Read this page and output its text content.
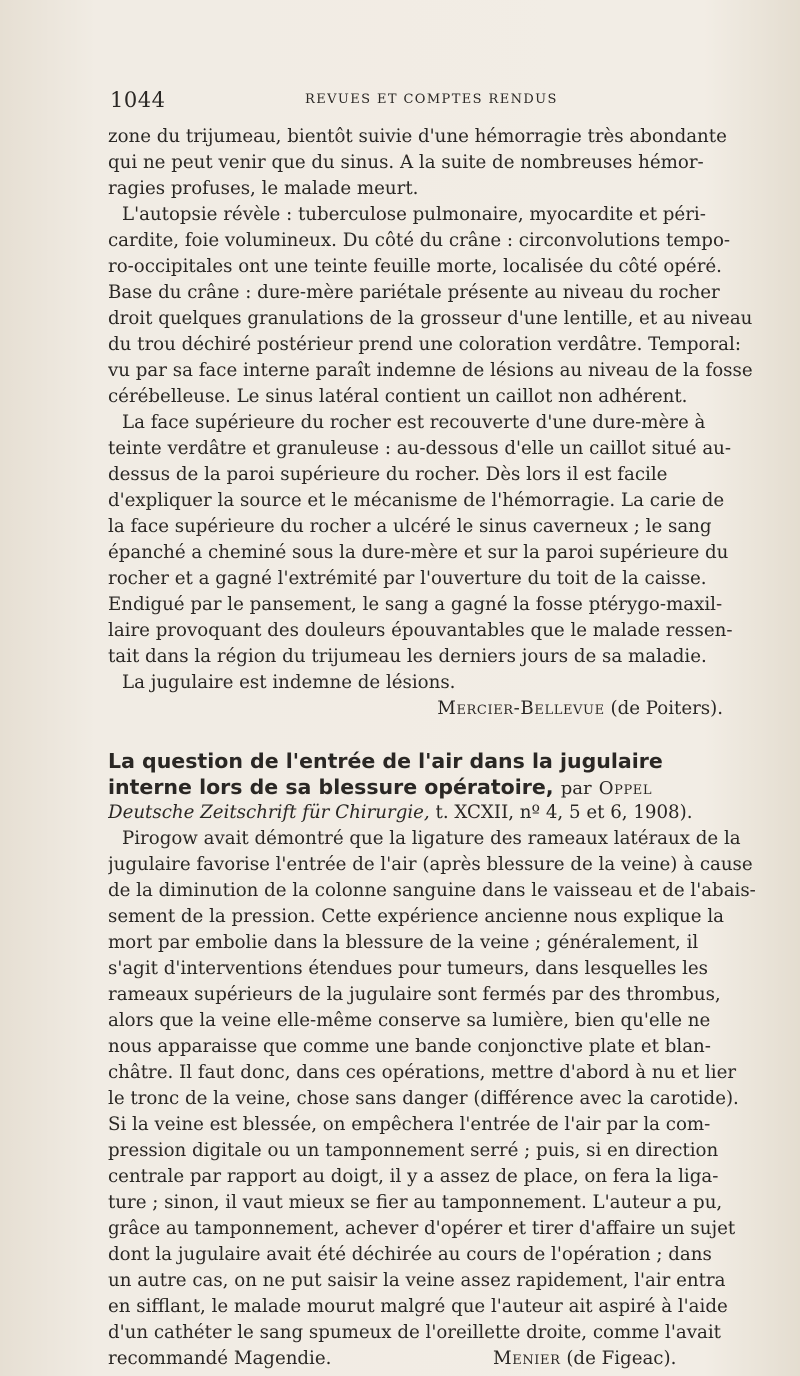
1044	REVUES ET COMPTES RENDUS
zone du trijumeau, bientôt suivie d'une hémorragie très abondante
qui ne peut venir que du sinus. A la suite de nombreuses hémor-
ragies profuses, le malade meurt.
L'autopsie révèle : tuberculose pulmonaire, myocardite et péri-
cardite, foie volumineux. Du côté du crâne : circonvolutions tempo-
ro-occipitales ont une teinte feuille morte, localisée du côté opéré.
Base du crâne : dure-mère pariétale présente au niveau du rocher
droit quelques granulations de la grosseur d'une lentille, et au niveau
du trou déchiré postérieur prend une coloration verdâtre. Temporal:
vu par sa face interne paraît indemne de lésions au niveau de la fosse
cérébelleuse. Le sinus latéral contient un caillot non adhérent.
La face supérieure du rocher est recouverte d'une dure-mère à
teinte verdâtre et granuleuse : au-dessous d'elle un caillot situé au-
dessus de la paroi supérieure du rocher. Dès lors il est facile
d'expliquer la source et le mécanisme de l'hémorragie. La carie de
la face supérieure du rocher a ulcéré le sinus caverneux ; le sang
épanché a cheminé sous la dure-mère et sur la paroi supérieure du
rocher et a gagné l'extrémité par l'ouverture du toit de la caisse.
Endigué par le pansement, le sang a gagné la fosse ptérygo-maxil-
laire provoquant des douleurs épouvantables que le malade ressen-
tait dans la région du trijumeau les derniers jours de sa maladie.
La jugulaire est indemne de lésions.
Mercier-Bellevue (de Poiters).
La question de l'entrée de l'air dans la jugulaire
interne lors de sa blessure opératoire, par Oppel
Deutsche Zeitschrift für Chirurgie, t. XCXII, nº 4, 5 et 6, 1908).
Pirogow avait démontré que la ligature des rameaux latéraux de la
jugulaire favorise l'entrée de l'air (après blessure de la veine) à cause
de la diminution de la colonne sanguine dans le vaisseau et de l'abais-
sement de la pression. Cette expérience ancienne nous explique la
mort par embolie dans la blessure de la veine ; généralement, il
s'agit d'interventions étendues pour tumeurs, dans lesquelles les
rameaux supérieurs de la jugulaire sont fermés par des thrombus,
alors que la veine elle-même conserve sa lumière, bien qu'elle ne
nous apparaisse que comme une bande conjonctive plate et blan-
châtre. Il faut donc, dans ces opérations, mettre d'abord à nu et lier
le tronc de la veine, chose sans danger (différence avec la carotide).
Si la veine est blessée, on empêchera l'entrée de l'air par la com-
pression digitale ou un tamponnement serré ; puis, si en direction
centrale par rapport au doigt, il y a assez de place, on fera la liga-
ture ; sinon, il vaut mieux se fier au tamponnement. L'auteur a pu,
grâce au tamponnement, achever d'opérer et tirer d'affaire un sujet
dont la jugulaire avait été déchirée au cours de l'opération ; dans
un autre cas, on ne put saisir la veine assez rapidement, l'air entra
en sifflant, le malade mourut malgré que l'auteur ait aspiré à l'aide
d'un cathéter le sang spumeux de l'oreillette droite, comme l'avait
recommandé Magendie.	Menier (de Figeac).
